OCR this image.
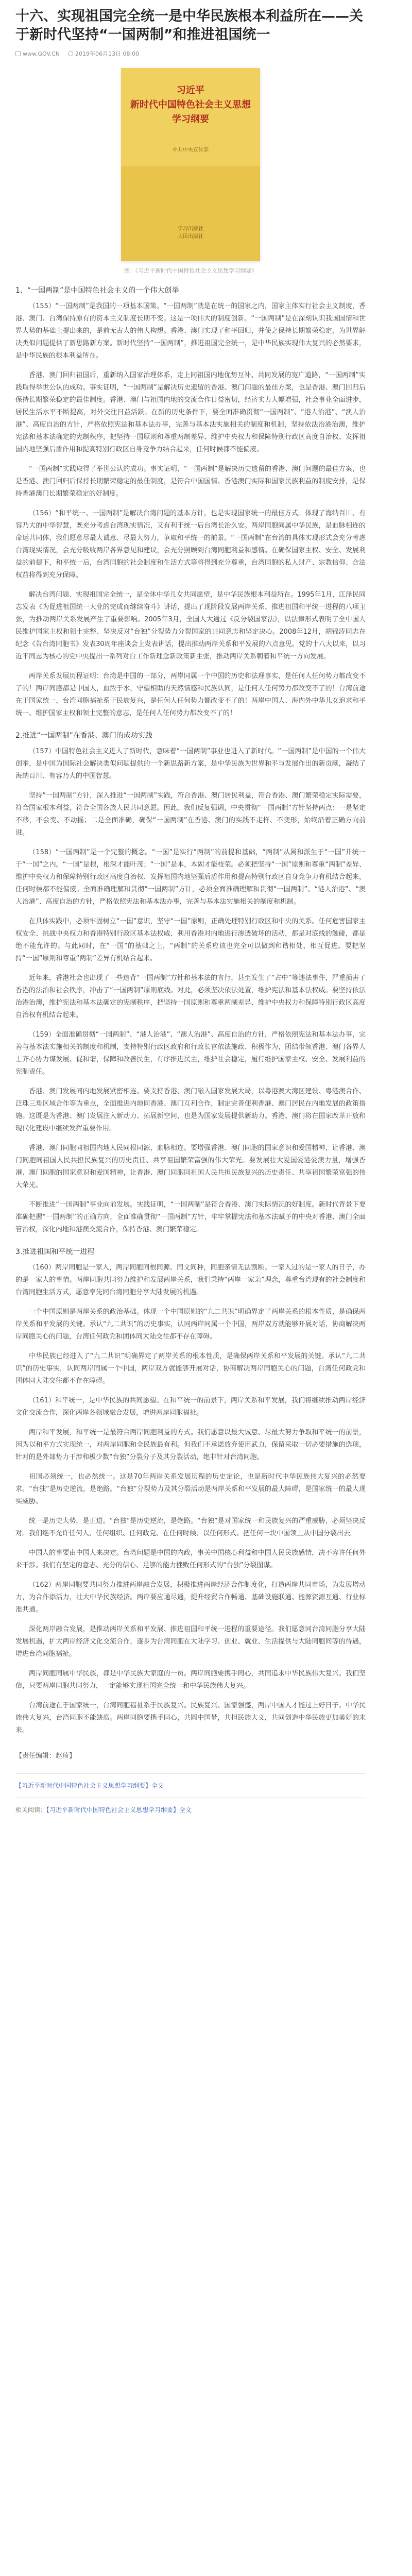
十六、实现祖国完全统一是中华民族根本利益所在——关于新时代坚持“一国两制”和推进祖国统一
www.GOV.CN	2019年06月13日 08:00
习近平
新时代中国特色社会主义思想
学习纲要
中共中央宣传部
学习出版社
人民出版社
图：《习近平新时代中国特色社会主义思想学习纲要》
1、“一国两制”是中国特色社会主义的一个伟大创举

（155）“一国两制”是我国的一项基本国策。“一国两制”就是在统一的国家之内，国家主体实行社会主义制度，香港、澳门、台湾保持原有的资本主义制度长期不变。这是一项伟大的制度创新。“一国两制”是在深刻认识我国国情和世界大势的基础上提出来的，是前无古人的伟大构想。香港、澳门实现了和平回归，并使之保持长期繁荣稳定，为世界解决类似问题提供了新思路新方案。新时代坚持“一国两制”，推进祖国完全统一，是中华民族实现伟大复兴的必然要求，是中华民族的根本利益所在。

香港、澳门回归祖国后，重新纳入国家治理体系，走上同祖国内地优势互补、共同发展的宽广道路，“一国两制”实践取得举世公认的成功。事实证明，“一国两制”是解决历史遗留的香港、澳门问题的最佳方案，也是香港、澳门回归后保持长期繁荣稳定的最佳制度。香港、澳门与祖国内地的交流合作日益密切，经济实力大幅增强，社会事业全面进步，居民生活水平不断提高，对外交往日益活跃。在新的历史条件下，要全面准确贯彻“一国两制”、“港人治港”、“澳人治港”、高度自治的方针，严格依照宪法和基本法办事，完善与基本法实施相关的制度和机制，坚持依法治港治澳，维护宪法和基本法确定的宪制秩序，把坚持一国原则和尊重两制差异、维护中央权力和保障特别行政区高度自治权、发挥祖国内地坚强后盾作用和提高特别行政区自身竞争力结合起来，任何时候都不能偏废。

“一国两制”实践取得了举世公认的成功。事实证明，“一国两制”是解决历史遗留的香港、澳门问题的最佳方案，也是香港、澳门回归后保持长期繁荣稳定的最佳制度，是符合中国国情、香港澳门实际和国家民族利益的制度安排，是保持香港澳门长期繁荣稳定的好制度。

（156）“和平统一、一国两制”是解决台湾问题的基本方针，也是实现国家统一的最佳方式。体现了海纳百川、有容乃大的中华智慧，既充分考虑台湾现实情况，又有利于统一后台湾长治久安。两岸同胞同属中华民族，是血脉相连的命运共同体，我们愿意尽最大诚意、尽最大努力，争取和平统一的前景。“一国两制”在台湾的具体实现形式会充分考虑台湾现实情况，会充分吸收两岸各界意见和建议，会充分照顾到台湾同胞利益和感情。在确保国家主权、安全、发展利益的前提下，和平统一后，台湾同胞的社会制度和生活方式等将得到充分尊重，台湾同胞的私人财产、宗教信仰、合法权益将得到充分保障。

解决台湾问题、实现祖国完全统一，是全体中华儿女共同愿望，是中华民族根本利益所在。1995年1月，江泽民同志发表《为促进祖国统一大业的完成而继续奋斗》讲话，提出了现阶段发展两岸关系、推进祖国和平统一进程的八项主张，为推动两岸关系发展产生了重要影响。2005年3月，全国人大通过《反分裂国家法》，以法律形式表明了全中国人民维护国家主权和领土完整、坚决反对“台独”分裂势力分裂国家的共同意志和坚定决心。2008年12月，胡锦涛同志在纪念《告台湾同胞书》发表30周年座谈会上发表讲话，提出推动两岸关系和平发展的六点意见。党的十八大以来，以习近平同志为核心的党中央提出一系列对台工作新理念新政策新主张，推动两岸关系朝着和平统一方向发展。

两岸关系发展历程证明：台湾是中国的一部分，两岸同属一个中国的历史和法理事实，是任何人任何势力都改变不了的！两岸同胞都是中国人，血浓于水，守望相助的天然情感和民族认同，是任何人任何势力都改变不了的！台湾前途在于国家统一，台湾同胞福祉系于民族复兴，是任何人任何势力都改变不了的！两岸中国人、海内外中华儿女追求和平统一、维护国家主权和领土完整的意志，是任何人任何势力都改变不了的！

2.推进“一国两制”在香港、澳门的成功实践

（157）中国特色社会主义进入了新时代，意味着“一国两制”事业也进入了新时代。“一国两制”是中国的一个伟大创举，是中国为国际社会解决类似问题提供的一个新思路新方案，是中华民族为世界和平与发展作出的新贡献，凝结了海纳百川、有容乃大的中国智慧。

坚持“一国两制”方针，深入推进“一国两制”实践，符合香港、澳门居民利益，符合香港、澳门繁荣稳定实际需要，符合国家根本利益，符合全国各族人民共同意愿。因此，我们反复强调，中央贯彻“一国两制”方针坚持两点：一是坚定不移，不会变、不动摇；二是全面准确，确保“一国两制”在香港、澳门的实践不走样、不变形，始终沿着正确方向前进。

（158）“一国两制”是一个完整的概念。“一国”是实行“两制”的前提和基础，“两制”从属和派生于“一国”并统一于“一国”之内。“一国”是根，根深才能叶茂；“一国”是本，本固才能枝荣。必须把坚持“一国”原则和尊重“两制”差异、维护中央权力和保障特别行政区高度自治权、发挥祖国内地坚强后盾作用和提高特别行政区自身竞争力有机结合起来，任何时候都不能偏废。全面准确理解和贯彻“一国两制”方针，必须全面准确理解和贯彻“一国两制”、“港人治港”、“澳人治港”、高度自治的方针，严格依照宪法和基本法办事，完善与基本法实施相关的制度和机制。

在具体实践中，必须牢固树立“一国”意识，坚守“一国”原则，正确处理特别行政区和中央的关系。任何危害国家主权安全、挑战中央权力和香港特别行政区基本法权威、利用香港对内地进行渗透破坏的活动，都是对底线的触碰，都是绝不能允许的。与此同时，在“一国”的基础之上，“两制”的关系应该也完全可以做到和谐相处、相互促进。要把坚持“一国”原则和尊重“两制”差异有机结合起来。

近年来，香港社会也出现了一些违背“一国两制”方针和基本法的言行，甚至发生了“占中”等违法事件，严重损害了香港的法治和社会秩序，冲击了“一国两制”原则底线。对此，必须坚决依法处置，维护宪法和基本法权威。要坚持依法治港治澳，维护宪法和基本法确定的宪制秩序，把坚持一国原则和尊重两制差异、维护中央权力和保障特别行政区高度自治权有机结合起来。

（159）全面准确贯彻“一国两制”、“港人治港”、“澳人治港”、高度自治的方针，严格依照宪法和基本法办事，完善与基本法实施相关的制度和机制，支持特别行政区政府和行政长官依法施政、积极作为，团结带领香港、澳门各界人士齐心协力谋发展、促和谐，保障和改善民生，有序推进民主，维护社会稳定，履行维护国家主权、安全、发展利益的宪制责任。

香港、澳门发展同内地发展紧密相连。要支持香港、澳门融入国家发展大局，以粤港澳大湾区建设、粤港澳合作、泛珠三角区域合作等为重点，全面推进内地同香港、澳门互利合作，制定完善便利香港、澳门居民在内地发展的政策措施。这既是为香港、澳门发展注入新动力、拓展新空间，也是为国家发展提供新助力。香港、澳门将在国家改革开放和现代化建设中继续发挥重要作用。

香港、澳门同胞同祖国内地人民同根同源，血脉相连。要增强香港、澳门同胞的国家意识和爱国精神，让香港、澳门同胞同祖国人民共担民族复兴的历史责任、共享祖国繁荣富强的伟大荣光。要发展壮大爱国爱港爱澳力量，增强香港、澳门同胞的国家意识和爱国精神，让香港、澳门同胞同祖国人民共担民族复兴的历史责任、共享祖国繁荣富强的伟大荣光。

不断推进“一国两制”事业向前发展。实践证明，“一国两制”是符合香港、澳门实际情况的好制度。新时代背景下要准确把握“一国两制”的正确方向，全面准确贯彻“一国两制”方针，牢牢掌握宪法和基本法赋予的中央对香港、澳门全面管治权，深化内地和港澳交流合作，保持香港、澳门繁荣稳定。

3.推进祖国和平统一进程

（160）两岸同胞是一家人，两岸同胞同根同源、同文同种，同胞亲情无法割断。一家人过的是一家人的日子，办的是一家人的事情。两岸同胞共同努力维护和发展两岸关系，我们秉持“两岸一家亲”理念，尊重台湾现有的社会制度和台湾同胞生活方式，愿意率先同台湾同胞分享大陆发展的机遇。

一个中国原则是两岸关系的政治基础。体现一个中国原则的“九二共识”明确界定了两岸关系的根本性质，是确保两岸关系和平发展的关键。承认“九二共识”的历史事实，认同两岸同属一个中国，两岸双方就能够开展对话，协商解决两岸同胞关心的问题，台湾任何政党和团体同大陆交往都不存在障碍。

中华民族已经进入了“九二共识”明确界定了两岸关系的根本性质，是确保两岸关系和平发展的关键。承认“九二共识”的历史事实，认同两岸同属一个中国，两岸双方就能够开展对话，协商解决两岸同胞关心的问题，台湾任何政党和团体同大陆交往都不存在障碍。

（161）和平统一，是中华民族的共同愿望。在和平统一的前景下，两岸关系和平发展，我们将继续推动两岸经济文化交流合作，深化两岸各领域融合发展，增进两岸同胞福祉。

两岸和平发展，和平统一是最符合两岸同胞利益的方式。我们愿意以最大诚意、尽最大努力争取和平统一的前景，因为以和平方式实现统一，对两岸同胞和全民族最有利。但我们不承诺放弃使用武力，保留采取一切必要措施的选项，针对的是外部势力干涉和极少数“台独”分裂分子及其分裂活动，绝非针对台湾同胞。

祖国必须统一，也必然统一。这是70年两岸关系发展历程的历史定论，也是新时代中华民族伟大复兴的必然要求。“台独”是历史逆流，是绝路。“台独”分裂势力及其分裂活动是两岸关系和平发展的最大障碍，是国家统一的最大现实威胁。

统一是历史大势，是正道。“台独”是历史逆流，是绝路。“台独”是对国家统一和民族复兴的严重威胁，必须坚决反对。我们绝不允许任何人、任何组织、任何政党、在任何时候、以任何形式、把任何一块中国领土从中国分裂出去。

中国人的事要由中国人来决定。台湾问题是中国的内政，事关中国核心利益和中国人民民族感情，决不容许任何外来干涉。我们有坚定的意志、充分的信心、足够的能力挫败任何形式的“台独”分裂图谋。

（162）两岸同胞要共同努力推进两岸融合发展，积极推进两岸经济合作制度化，打造两岸共同市场，为发展增动力，为合作添活力，壮大中华民族经济。两岸要应通尽通，提升经贸合作畅通、基础设施联通、能源资源互通、行业标准共通。

深化两岸融合发展，是推动两岸关系和平发展、推进祖国和平统一进程的重要途径。我们愿意同台湾同胞分享大陆发展机遇，扩大两岸经济文化交流合作，逐步为台湾同胞在大陆学习、创业、就业、生活提供与大陆同胞同等的待遇，增进台湾同胞福祉。

两岸同胞同属中华民族，都是中华民族大家庭的一员。两岸同胞要携手同心，共同追求中华民族伟大复兴。我们坚信，只要两岸同胞共同努力，一定能够实现祖国完全统一和中华民族伟大复兴。

台湾前途在于国家统一，台湾同胞福祉系于民族复兴。民族复兴、国家强盛，两岸中国人才能过上好日子。中华民族伟大复兴，台湾同胞不能缺席。两岸同胞要携手同心，共圆中国梦，共担民族大义，共同创造中华民族更加美好的未来。

【责任编辑：赵琦】
【习近平新时代中国特色社会主义思想学习纲要】全文
相关阅读：【习近平新时代中国特色社会主义思想学习纲要】全文
